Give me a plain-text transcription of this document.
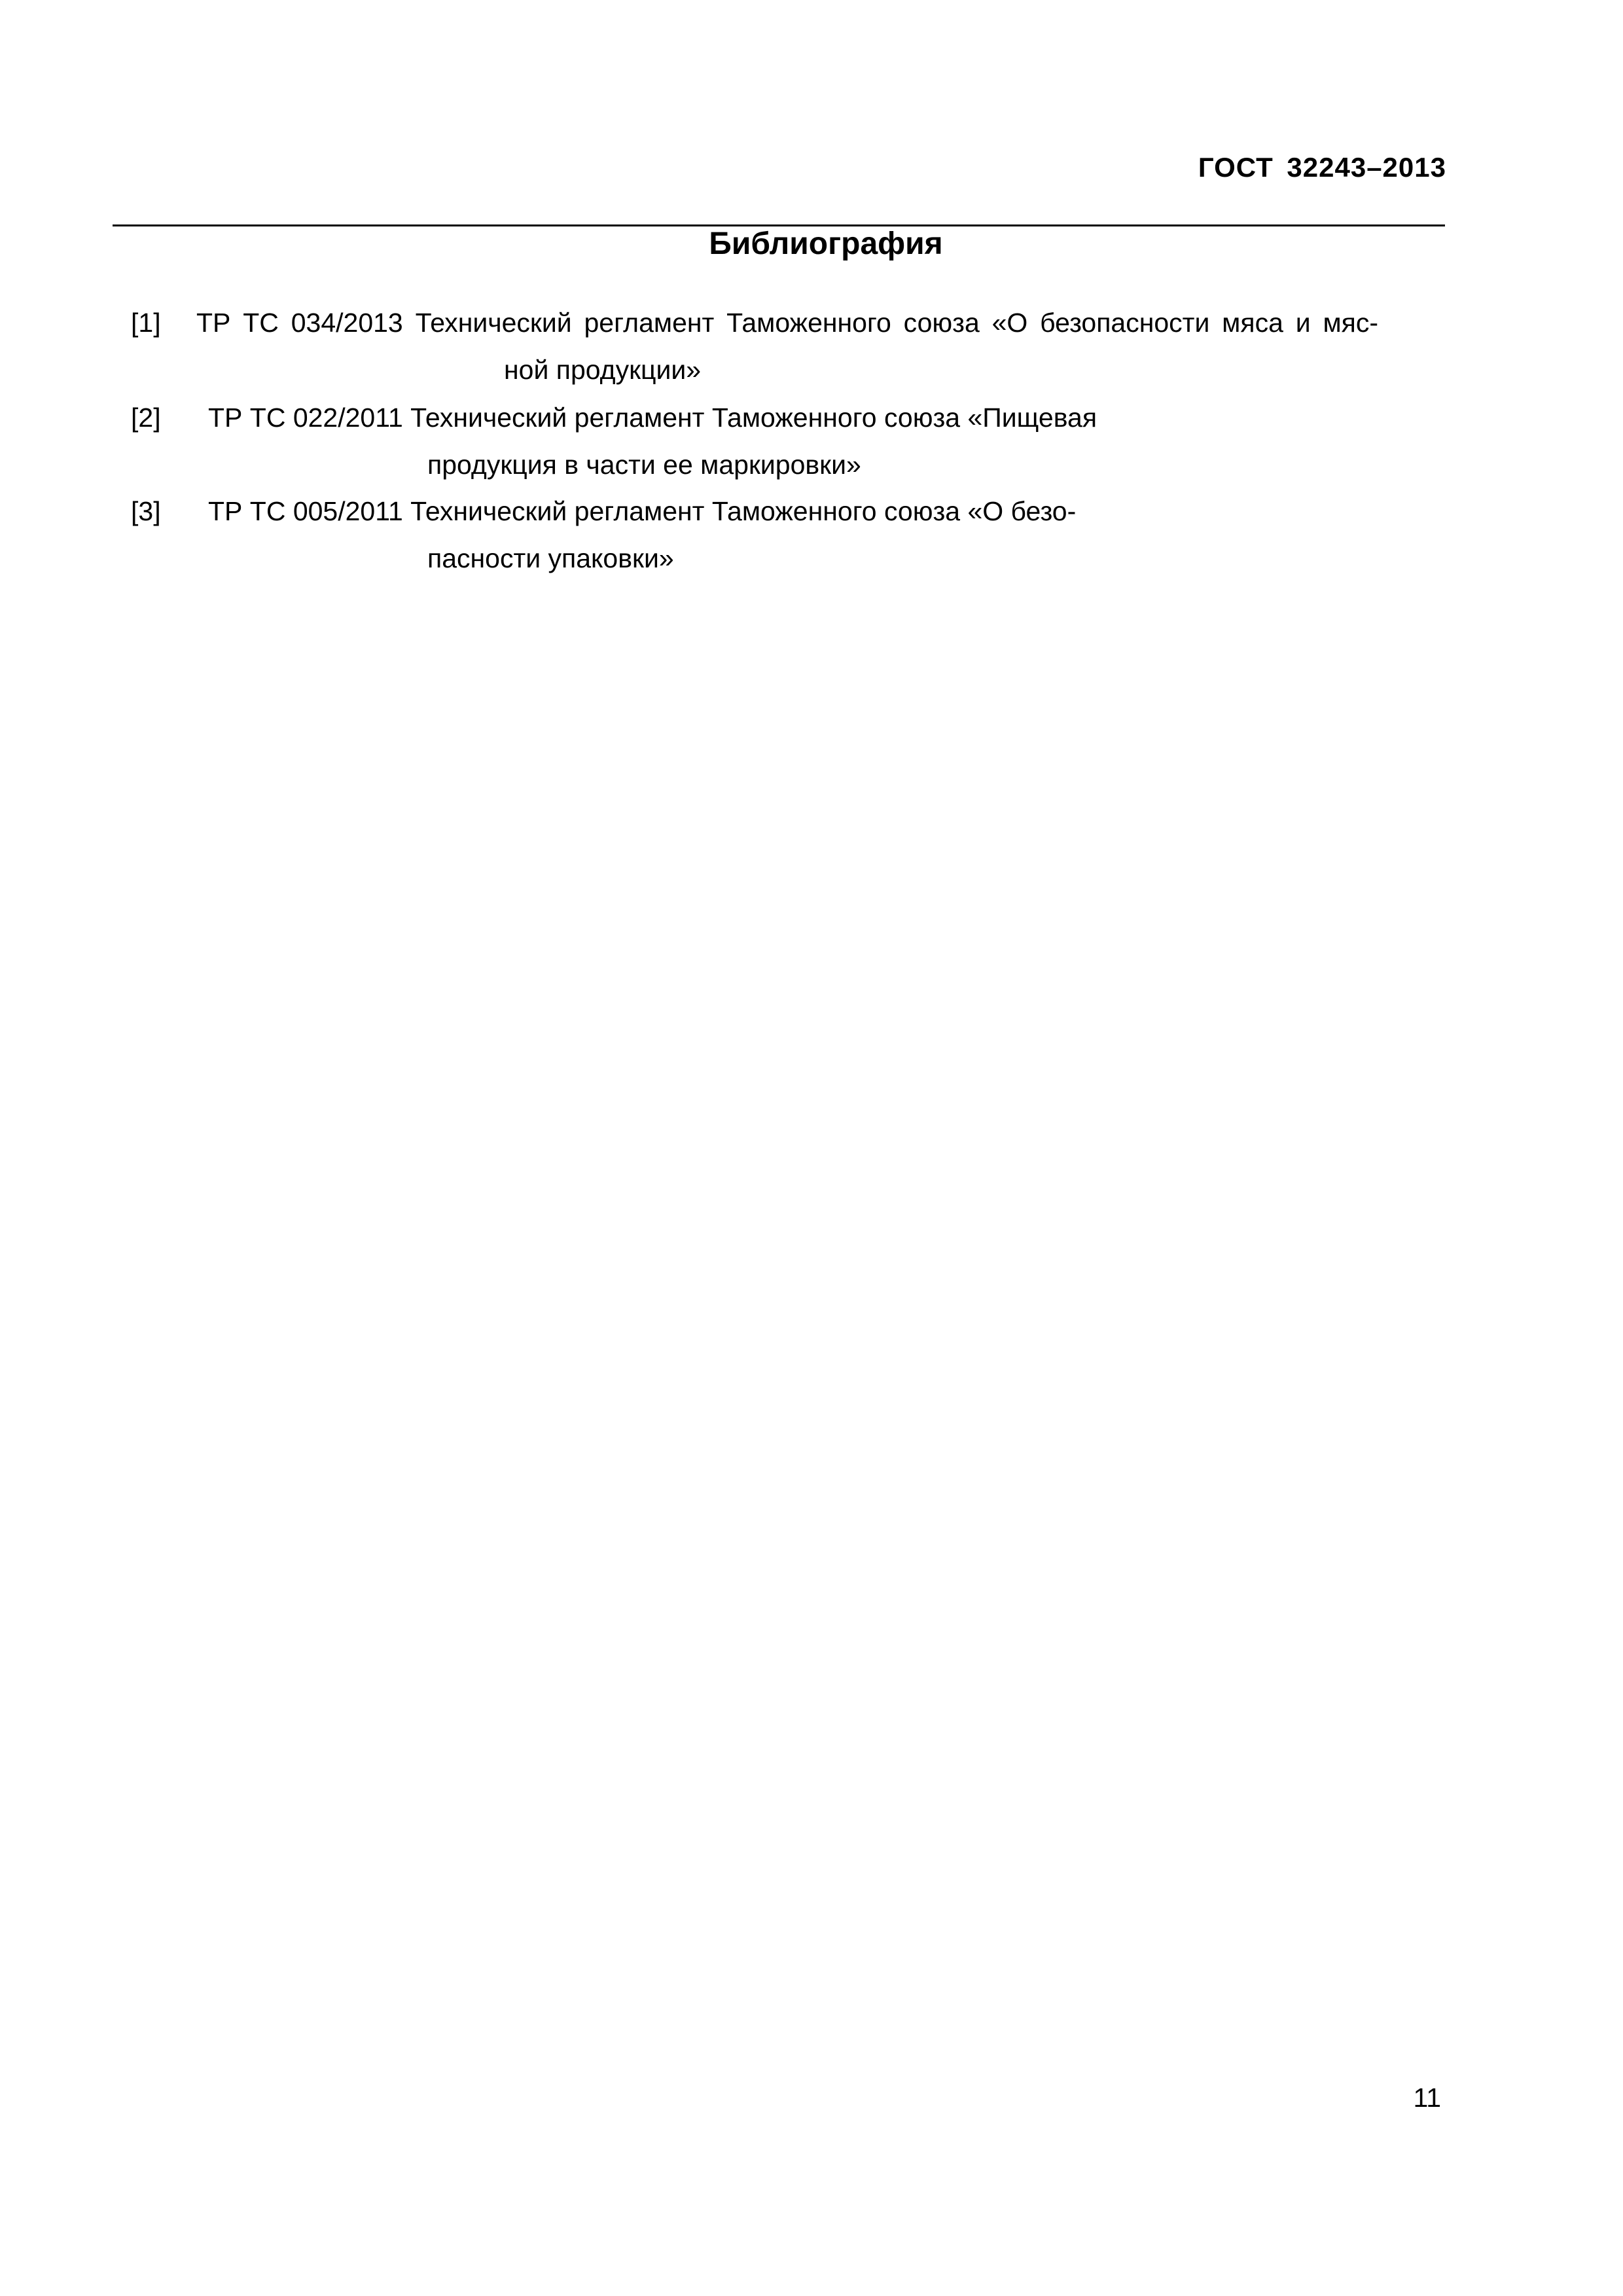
ГОСТ 32243–2013
Библиография
[1] ТР ТС 034/2013 Технический регламент Таможенного союза «О безопасности мяса и мяс-
ной продукции»
[2] ТР ТС 022/2011 Технический регламент Таможенного союза «Пищевая
продукция в части ее маркировки»
[3] ТР ТС 005/2011 Технический регламент Таможенного союза «О безо-
пасности упаковки»
11
